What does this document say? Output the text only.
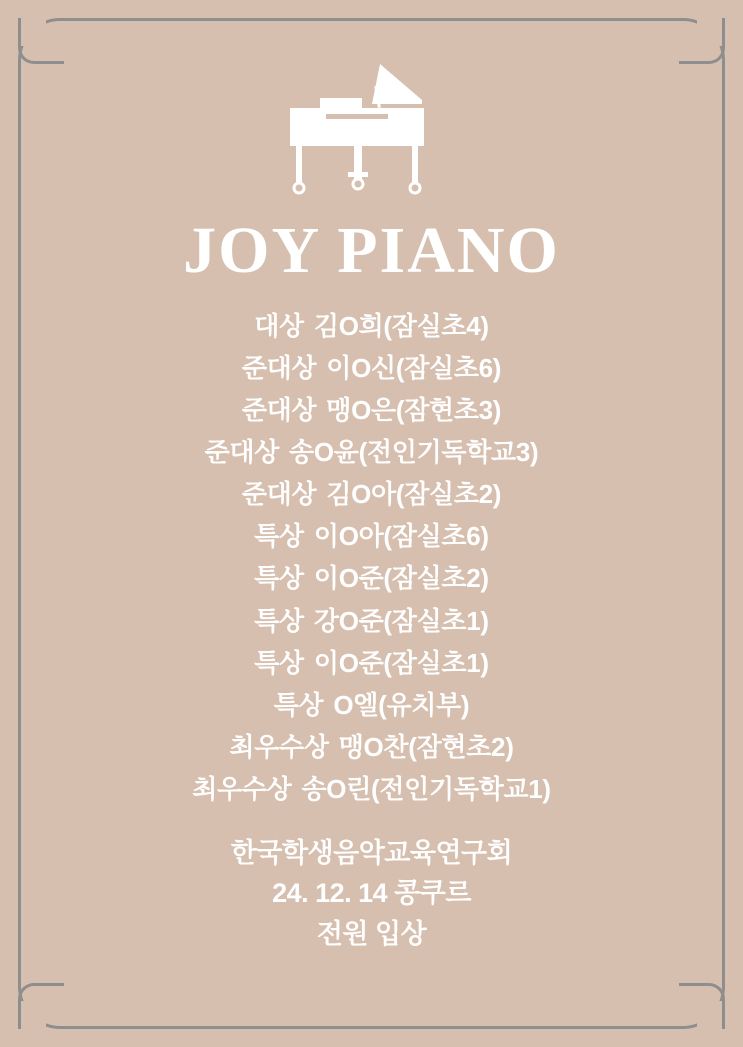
JOY PIANO
대상 김O희(잠실초4)
준대상 이O신(잠실초6)
준대상 맹O은(잠현초3)
준대상 송O윤(전인기독학교3)
준대상 김O아(잠실초2)
특상 이O아(잠실초6)
특상 이O준(잠실초2)
특상 강O준(잠실초1)
특상 이O준(잠실초1)
특상 O엘(유치부)
최우수상 맹O찬(잠현초2)
최우수상 송O린(전인기독학교1)
한국학생음악교육연구회
24. 12. 14 콩쿠르
전원 입상
